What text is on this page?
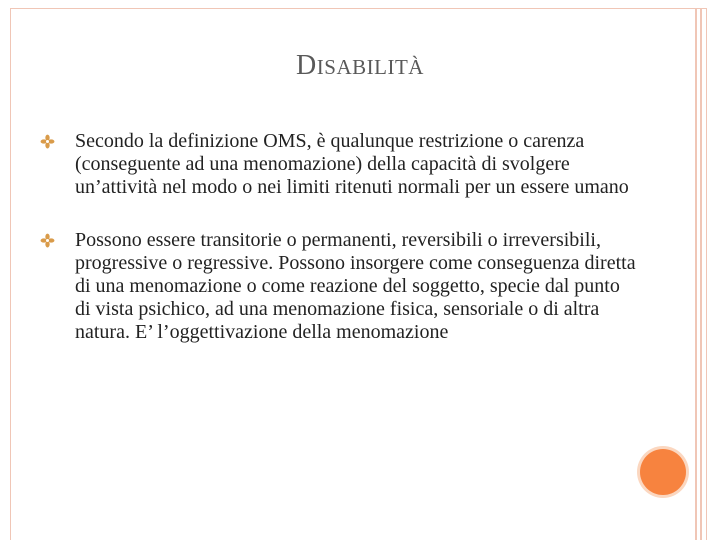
DISABILITÀ
Secondo la definizione OMS, è qualunque restrizione o carenza (conseguente ad una menomazione) della capacità di svolgere un’attività nel modo o nei limiti ritenuti normali per un essere umano
Possono essere transitorie o permanenti, reversibili o irreversibili, progressive o regressive. Possono insorgere come conseguenza diretta di una menomazione o come reazione del soggetto, specie dal punto di vista psichico, ad una menomazione fisica, sensoriale o di altra natura. E’ l’oggettivazione della menomazione
